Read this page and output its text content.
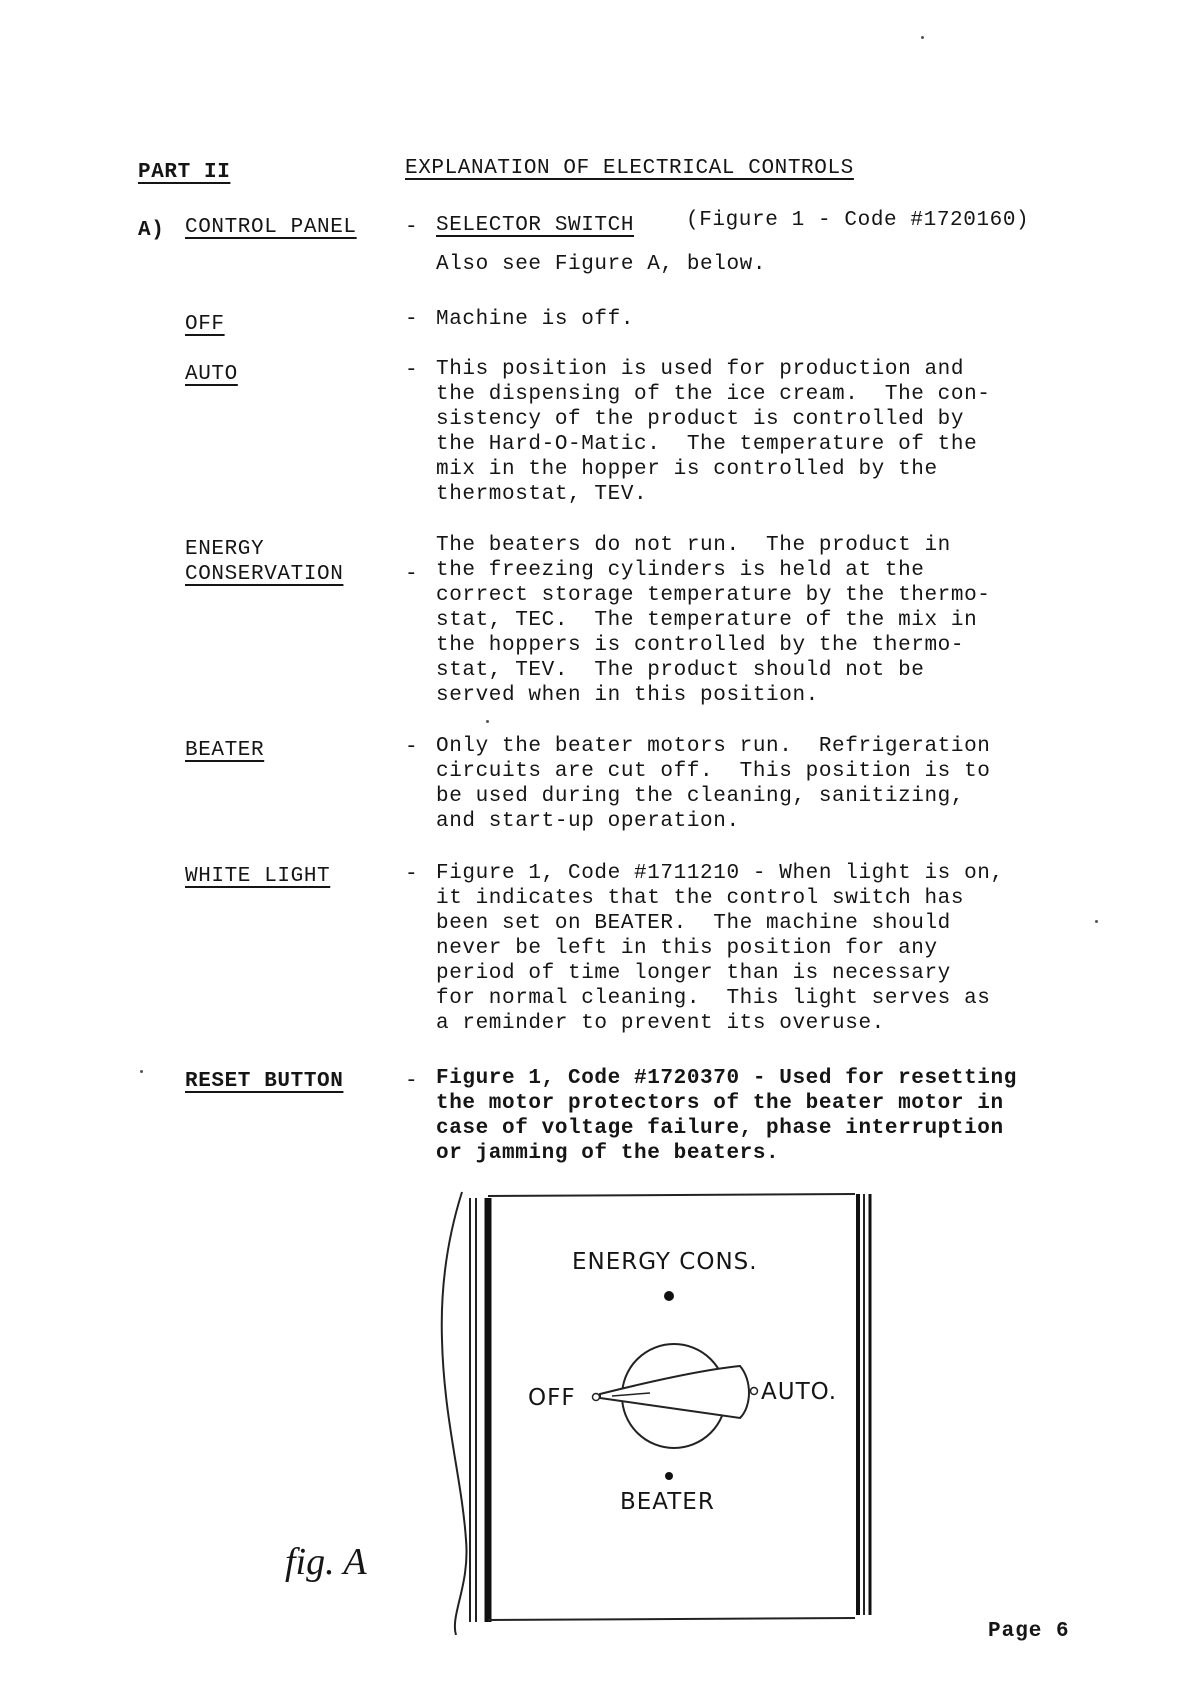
PART II	EXPLANATION OF ELECTRICAL CONTROLS
A) CONTROL PANEL - SELECTOR SWITCH (Figure 1 - Code #1720160)
Also see Figure A, below.
OFF	- Machine is off.
AUTO	- This position is used for production and
the dispensing of the ice cream.  The con-
sistency of the product is controlled by
the Hard-O-Matic.  The temperature of the
mix in the hopper is controlled by the
thermostat, TEV.
ENERGY
CONSERVATION	-
The beaters do not run.  The product in
the freezing cylinders is held at the
correct storage temperature by the thermo-
stat, TEC.  The temperature of the mix in
the hoppers is controlled by the thermo-
stat, TEV.  The product should not be
served when in this position.
BEATER	- Only the beater motors run.  Refrigeration
circuits are cut off.  This position is to
be used during the cleaning, sanitizing,
and start-up operation.
WHITE LIGHT	- Figure 1, Code #1711210 - When light is on,
it indicates that the control switch has
been set on BEATER.  The machine should
never be left in this position for any
period of time longer than is necessary
for normal cleaning.  This light serves as
a reminder to prevent its overuse.
RESET BUTTON	- Figure 1, Code #1720370 - Used for resetting
the motor protectors of the beater motor in
case of voltage failure, phase interruption
or jamming of the beaters.
ENERGY CONS.
OFF	AUTO.
BEATER
fig. A
Page 6
